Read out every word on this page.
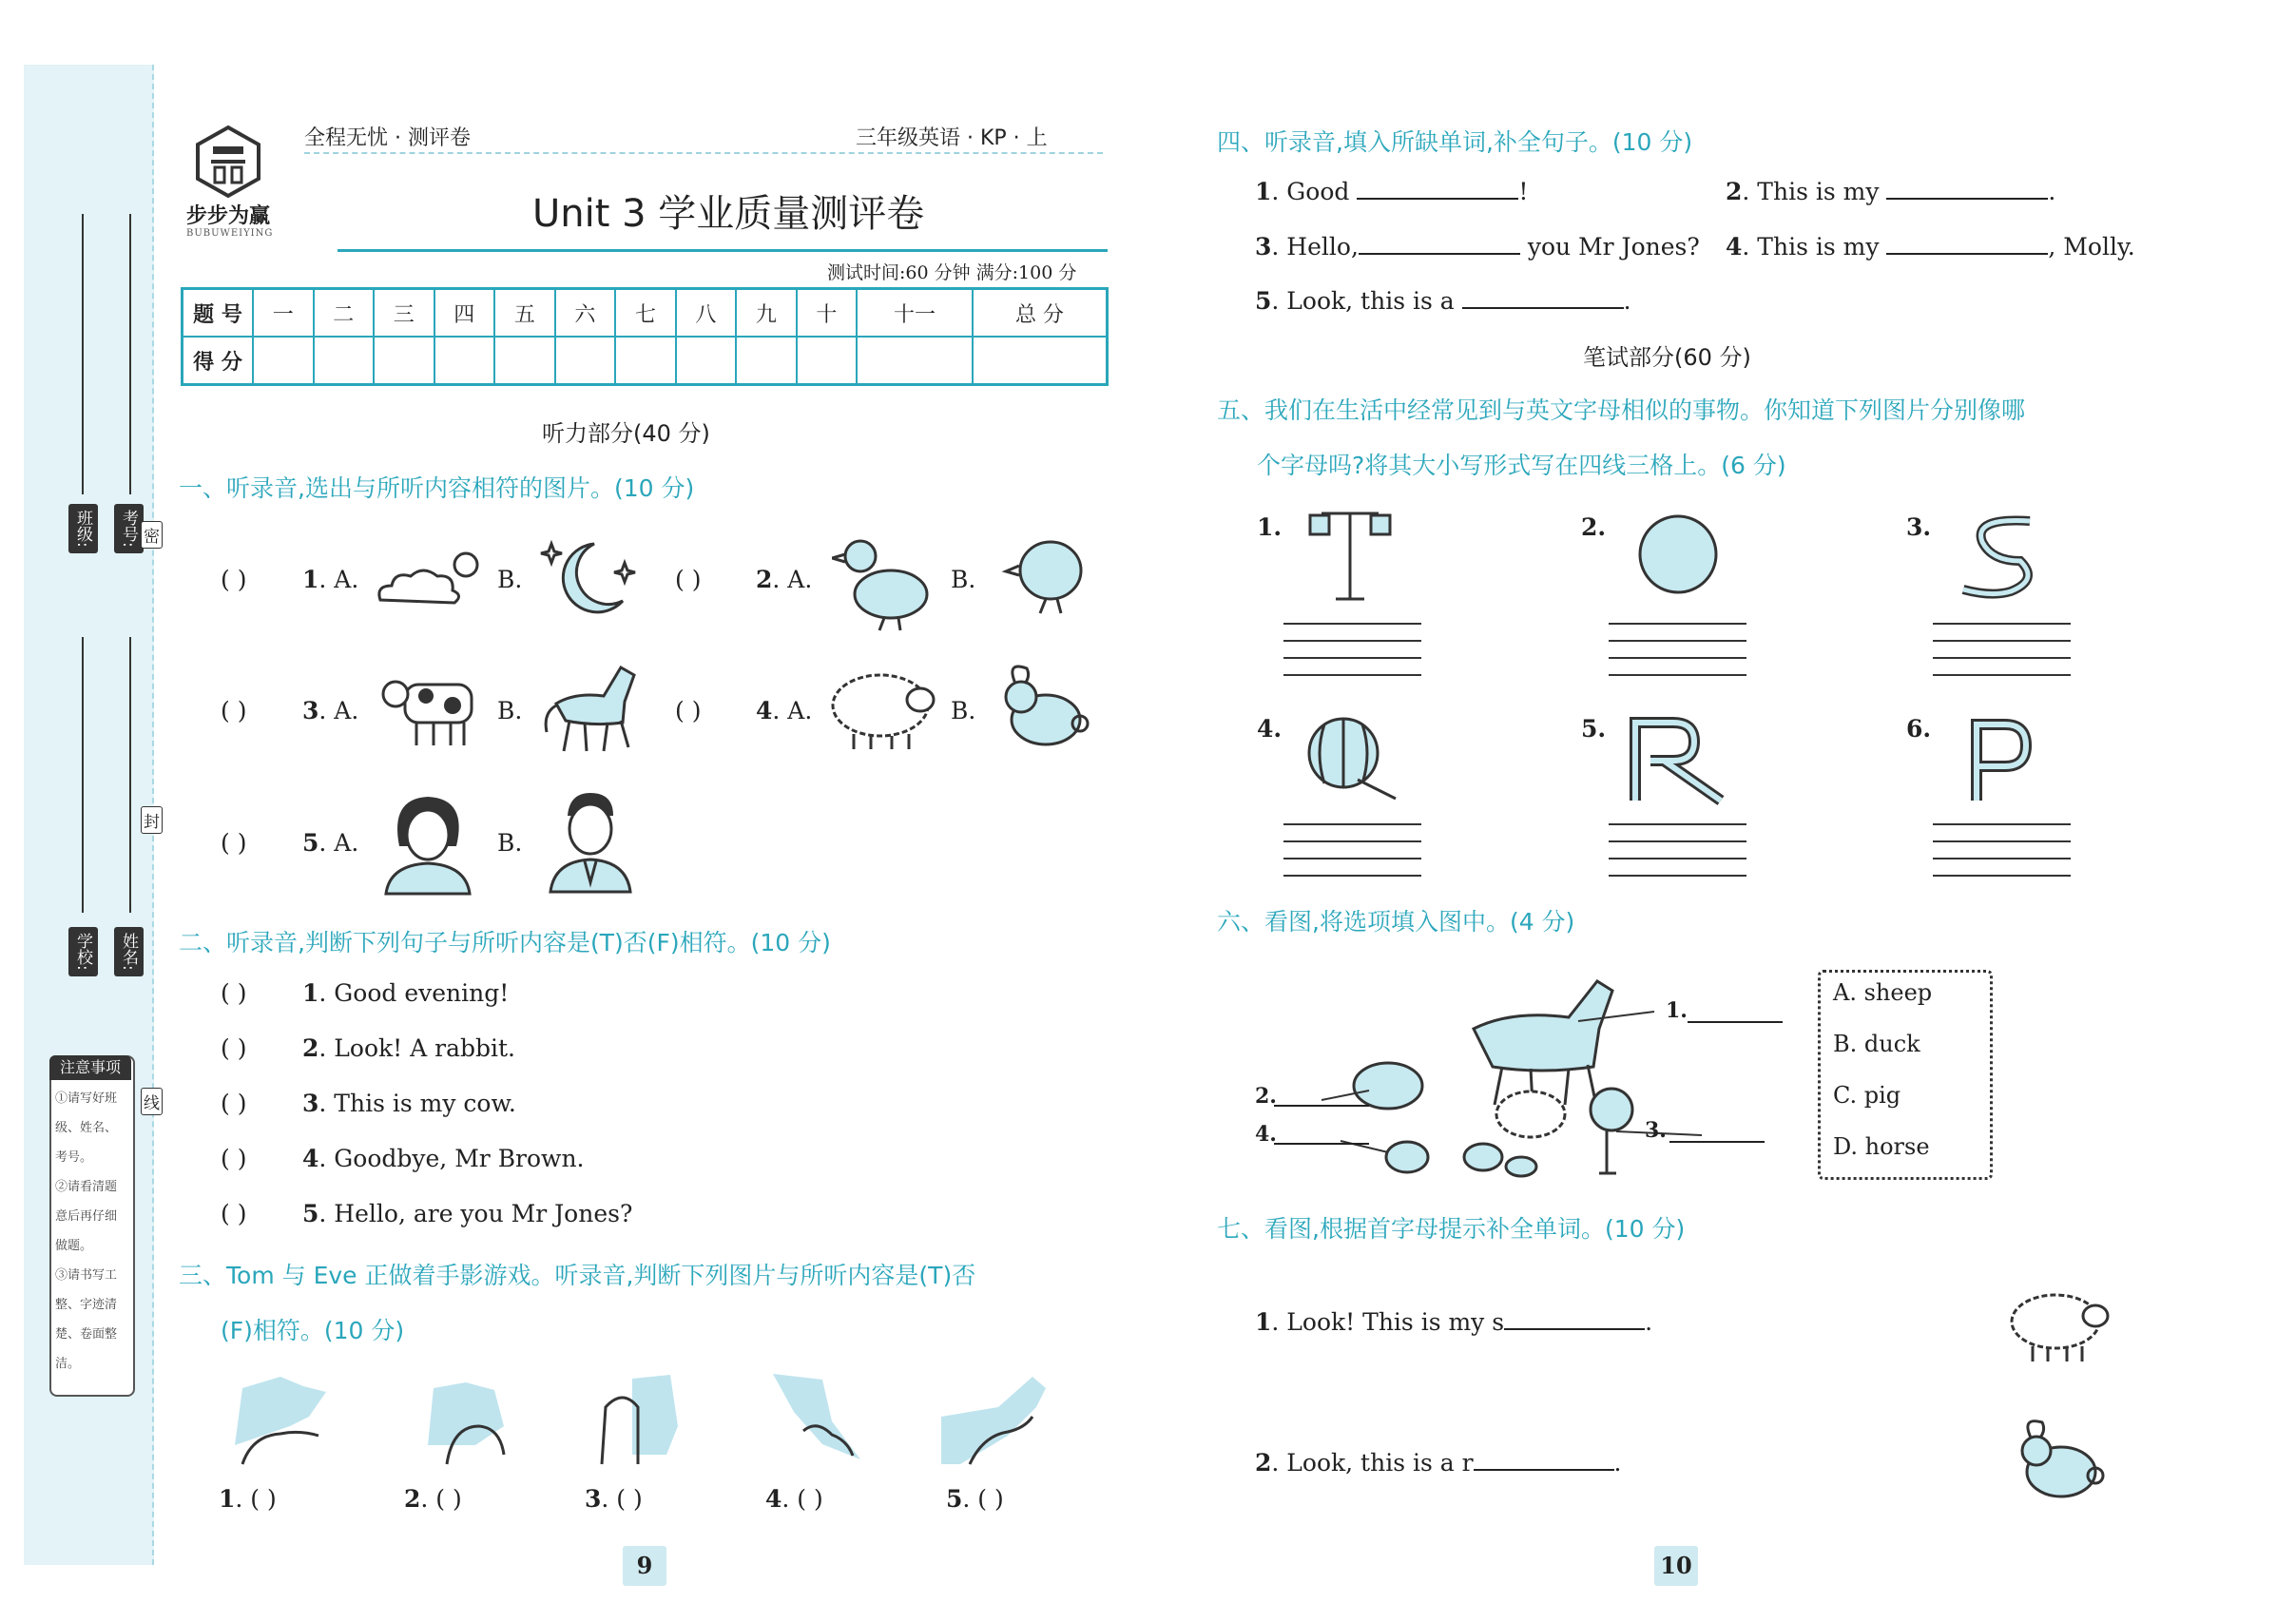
班级:	考号: 密
封
学校:	姓名:
线
注意事项
①请写好班
级、姓名、
考号。
②请看清题
意后再仔细
做题。
③请书写工
整、字迹清
楚、卷面整
洁。
步步为赢
BUBUWEIYING
全程无忧 · 测评卷	三年级英语 · KP · 上
Unit 3 学业质量测评卷
测试时间:60 分钟 满分:100 分
题 号	一	二	三	四	五	六	七	八	九	十	十一	总 分
得 分												
听力部分(40 分)
一、听录音,选出与所听内容相符的图片。(10 分)
( ) 1. A.	B.	( ) 2. A.	B.
( ) 3. A.	B.	( ) 4. A.	B.
( ) 5. A.	B.
二、听录音,判断下列句子与所听内容是(T)否(F)相符。(10 分)
( ) 1. Good evening!
( ) 2. Look! A rabbit.
( ) 3. This is my cow.
( ) 4. Goodbye, Mr Brown.
( ) 5. Hello, are you Mr Jones?
三、Tom 与 Eve 正做着手影游戏。听录音,判断下列图片与所听内容是(T)否
(F)相符。(10 分)
1. ( )	2. ( )	3. ( )	4. ( )	5. ( )
9
四、听录音,填入所缺单词,补全句子。(10 分)
1. Good	!	2. This is my	.
3. Hello,	you Mr Jones? 4. This is my	, Molly.
5. Look, this is a	.
笔试部分(60 分)
五、我们在生活中经常见到与英文字母相似的事物。你知道下列图片分别像哪
个字母吗?将其大小写形式写在四线三格上。(6 分)
1.	2.	3.
4.	5.	6.
六、看图,将选项填入图中。(4 分)
1.
2.
3.
4.
A. sheep
B. duck
C. pig
D. horse
七、看图,根据首字母提示补全单词。(10 分)
1. Look! This is my s	.
2. Look, this is a r	.
10
